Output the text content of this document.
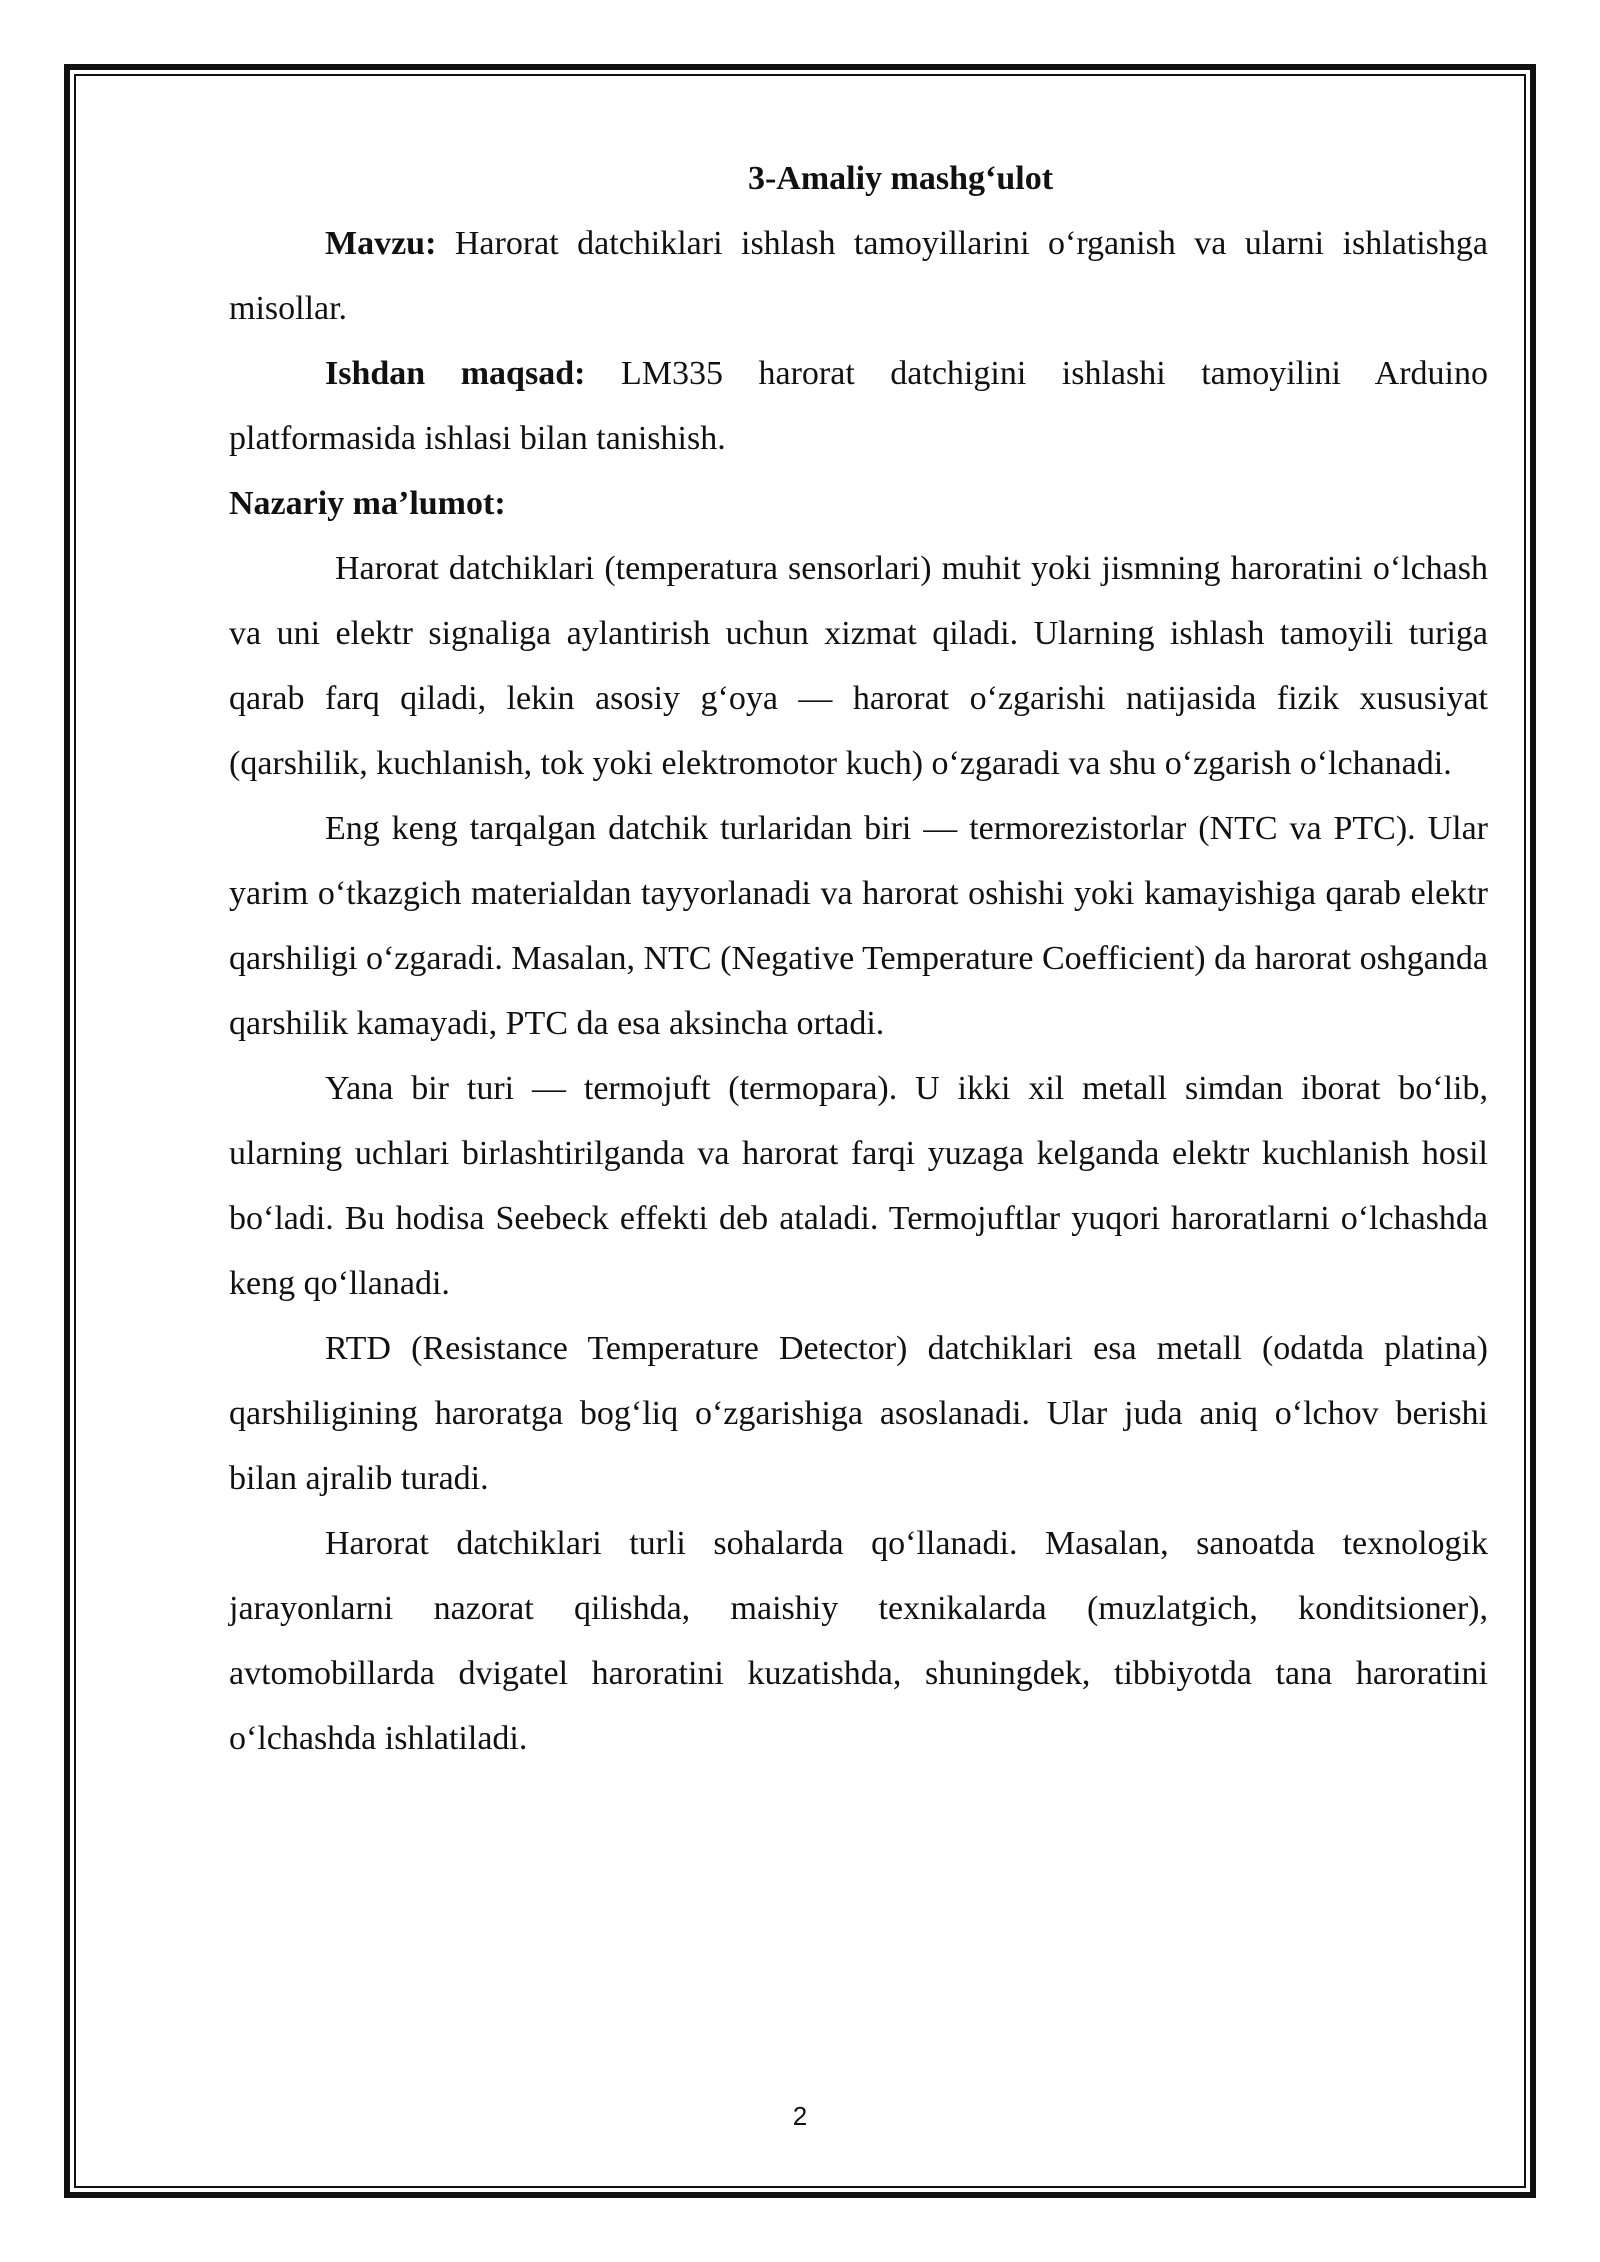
3-Amaliy mashg‘ulot

Mavzu: Harorat datchiklari ishlash tamoyillarini o‘rganish va ularni ishlatishga misollar.

Ishdan maqsad: LM335 harorat datchigini ishlashi tamoyilini Arduino platformasida ishlasi bilan tanishish.

Nazariy ma’lumot:

Harorat datchiklari (temperatura sensorlari) muhit yoki jismning haroratini o‘lchash va uni elektr signaliga aylantirish uchun xizmat qiladi. Ularning ishlash tamoyili turiga qarab farq qiladi, lekin asosiy g‘oya — harorat o‘zgarishi natijasida fizik xususiyat (qarshilik, kuchlanish, tok yoki elektromotor kuch) o‘zgaradi va shu o‘zgarish o‘lchanadi.

Eng keng tarqalgan datchik turlaridan biri — termorezistorlar (NTC va PTC). Ular yarim o‘tkazgich materialdan tayyorlanadi va harorat oshishi yoki kamayishiga qarab elektr qarshiligi o‘zgaradi. Masalan, NTC (Negative Temperature Coefficient) da harorat oshganda qarshilik kamayadi, PTC da esa aksincha ortadi.

Yana bir turi — termojuft (termopara). U ikki xil metall simdan iborat bo‘lib, ularning uchlari birlashtirilganda va harorat farqi yuzaga kelganda elektr kuchlanish hosil bo‘ladi. Bu hodisa Seebeck effekti deb ataladi. Termojuftlar yuqori haroratlarni o‘lchashda keng qo‘llanadi.

RTD (Resistance Temperature Detector) datchiklari esa metall (odatda platina) qarshiligining haroratga bog‘liq o‘zgarishiga asoslanadi. Ular juda aniq o‘lchov berishi bilan ajralib turadi.

Harorat datchiklari turli sohalarda qo‘llanadi. Masalan, sanoatda texnologik jarayonlarni nazorat qilishda, maishiy texnikalarda (muzlatgich, konditsioner), avtomobillarda dvigatel haroratini kuzatishda, shuningdek, tibbiyotda tana haroratini o‘lchashda ishlatiladi.

2
